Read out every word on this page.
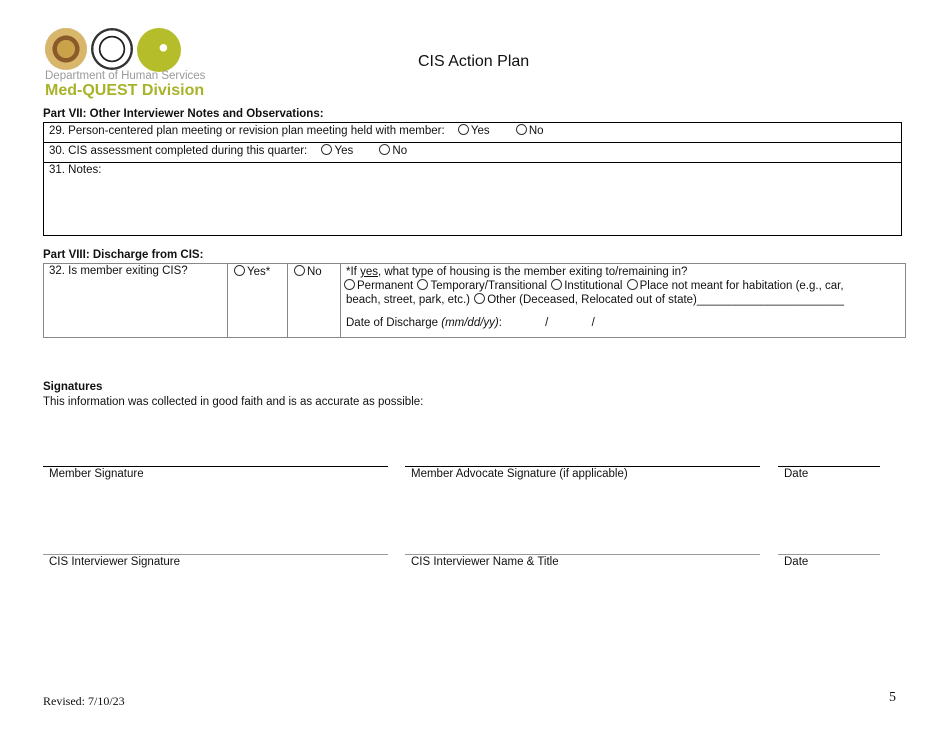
Department of Human Services
Med-QUEST Division
CIS Action Plan
Part VII: Other Interviewer Notes and Observations:
29. Person-centered plan meeting or revision plan meeting held with member: Yes	No
30. CIS assessment completed during this quarter: Yes	No
31. Notes:
Part VIII: Discharge from CIS:
32. Is member exiting CIS?	Yes*	No	*If yes, what type of housing is the member exiting to/remaining in?
Permanent Temporary/Transitional Institutional Place not meant for habitation (e.g., car,
beach, street, park, etc.) Other (Deceased, Relocated out of state)_______________________
Date of Discharge (mm/dd/yy):	/	/
Signatures
This information was collected in good faith and is as accurate as possible:
Member Signature	Member Advocate Signature (if applicable)	Date
CIS Interviewer Signature	CIS Interviewer Name & Title	Date
Revised: 7/10/23	5
